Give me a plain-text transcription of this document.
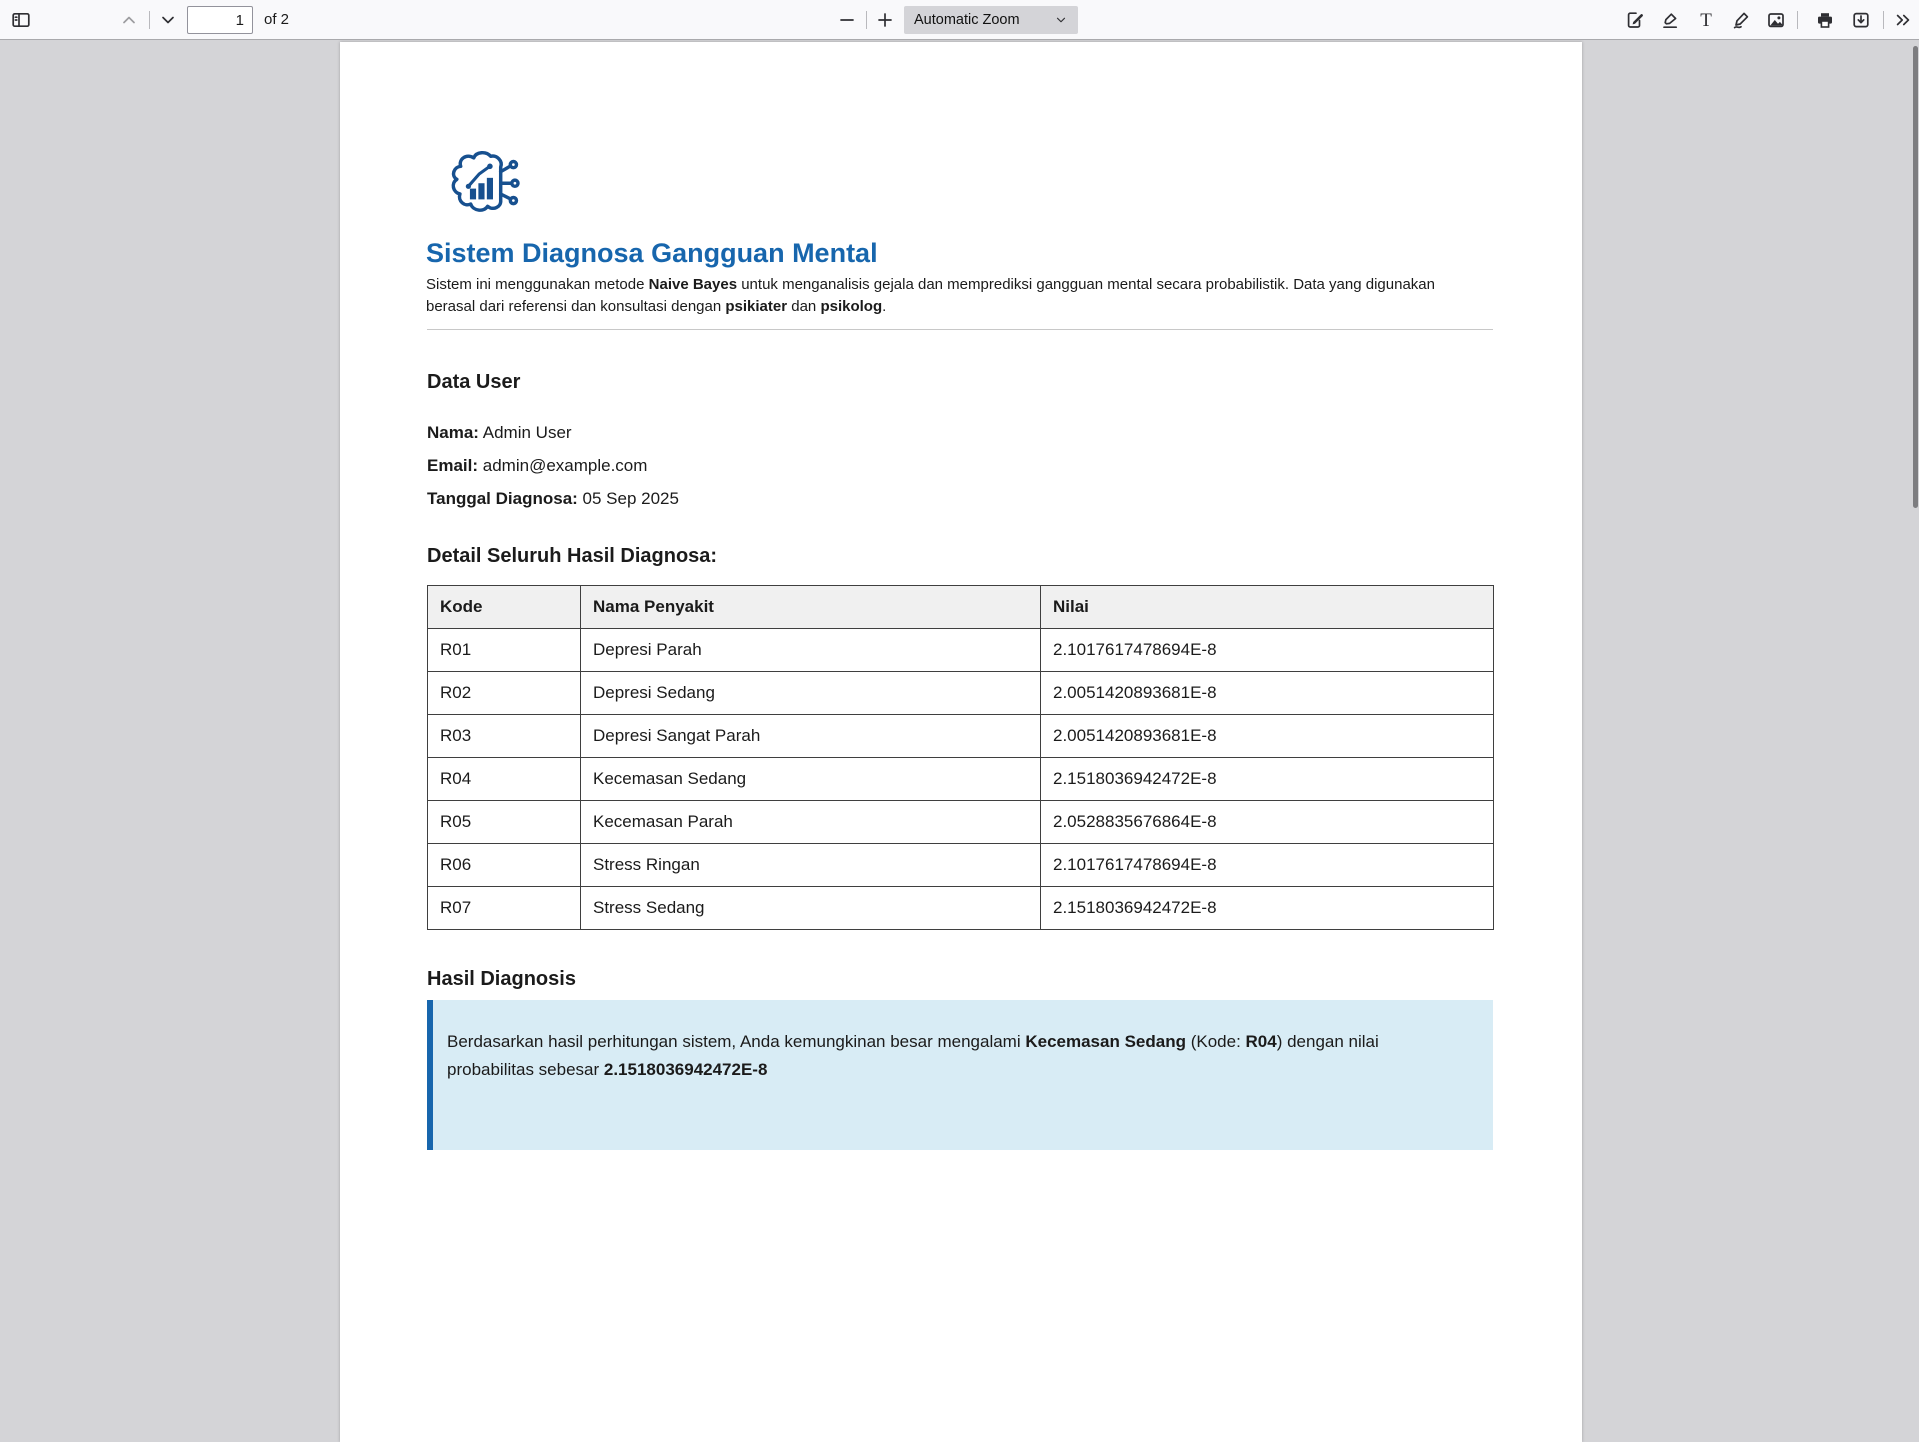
1
of 2	Automatic Zoom	T
Sistem Diagnosa Gangguan Mental

Sistem ini menggunakan metode Naive Bayes untuk menganalisis gejala dan memprediksi gangguan mental secara probabilistik. Data yang digunakan
berasal dari referensi dan konsultasi dengan psikiater dan psikolog.

Data User

Nama: Admin User

Email: admin@example.com

Tanggal Diagnosa: 05 Sep 2025

Detail Seluruh Hasil Diagnosa:
Kode	Nama Penyakit	Nilai
R01	Depresi Parah	2.1017617478694E-8
R02	Depresi Sedang	2.0051420893681E-8
R03	Depresi Sangat Parah	2.0051420893681E-8
R04	Kecemasan Sedang	2.1518036942472E-8
R05	Kecemasan Parah	2.0528835676864E-8
R06	Stress Ringan	2.1017617478694E-8
R07	Stress Sedang	2.1518036942472E-8
Hasil Diagnosis
Berdasarkan hasil perhitungan sistem, Anda kemungkinan besar mengalami Kecemasan Sedang (Kode: R04) dengan nilai probabilitas sebesar 2.1518036942472E-8
